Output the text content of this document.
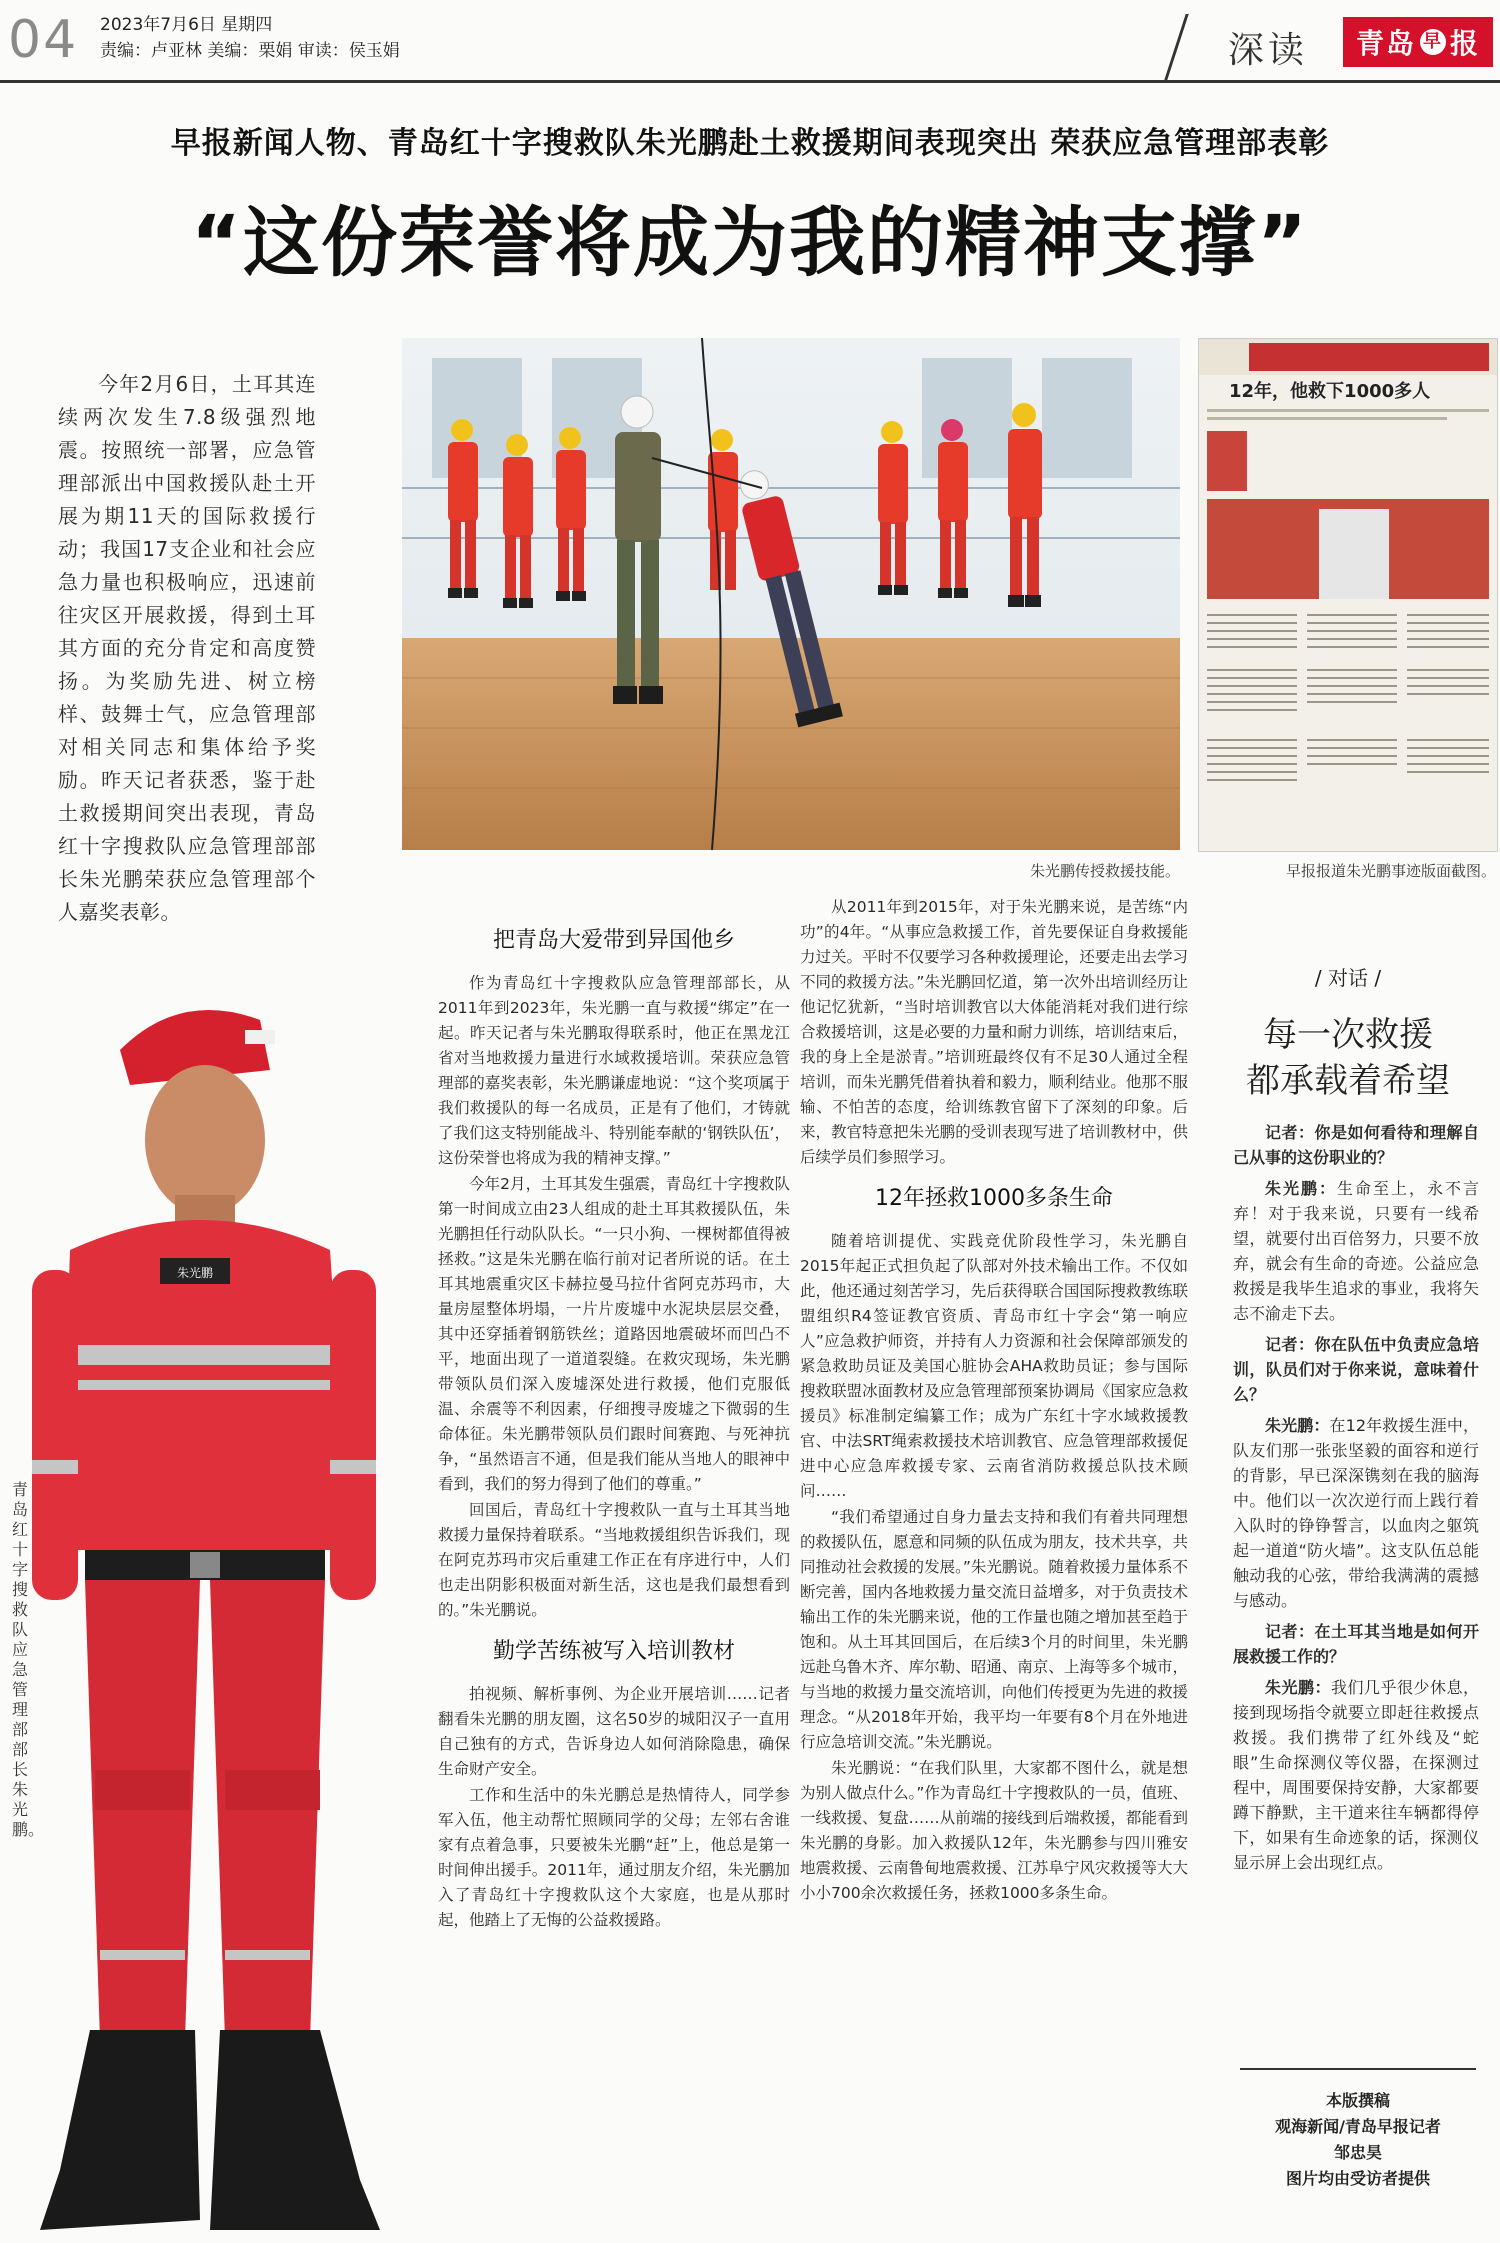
04 2023年7月6日 星期四
责编：卢亚林 美编：栗娟 审读：侯玉娟	深读	青岛 早 报
早报新闻人物、青岛红十字搜救队朱光鹏赴土救援期间表现突出 荣获应急管理部表彰
“这份荣誉将成为我的精神支撑”
今年2月6日，土耳其连续两次发生7.8级强烈地震。按照统一部署，应急管理部派出中国救援队赴土开展为期11天的国际救援行动；我国17支企业和社会应急力量也积极响应，迅速前往灾区开展救援，得到土耳其方面的充分肯定和高度赞扬。为奖励先进、树立榜样、鼓舞士气，应急管理部对相关同志和集体给予奖励。昨天记者获悉，鉴于赴土救援期间突出表现，青岛红十字搜救队应急管理部部长朱光鹏荣获应急管理部个人嘉奖表彰。
12年，他救下1000多人
朱光鹏传授救援技能。	早报报道朱光鹏事迹版面截图。
朱光鹏
青岛红十字搜救队应急管理部部长朱光鹏。
把青岛大爱带到异国他乡

作为青岛红十字搜救队应急管理部部长，从2011年到2023年，朱光鹏一直与救援“绑定”在一起。昨天记者与朱光鹏取得联系时，他正在黑龙江省对当地救援力量进行水域救援培训。荣获应急管理部的嘉奖表彰，朱光鹏谦虚地说：“这个奖项属于我们救援队的每一名成员，正是有了他们，才铸就了我们这支特别能战斗、特别能奉献的‘钢铁队伍’，这份荣誉也将成为我的精神支撑。”

今年2月，土耳其发生强震，青岛红十字搜救队第一时间成立由23人组成的赴土耳其救援队伍，朱光鹏担任行动队队长。“一只小狗、一棵树都值得被拯救。”这是朱光鹏在临行前对记者所说的话。在土耳其地震重灾区卡赫拉曼马拉什省阿克苏玛市，大量房屋整体坍塌，一片片废墟中水泥块层层交叠，其中还穿插着钢筋铁丝；道路因地震破坏而凹凸不平，地面出现了一道道裂缝。在救灾现场，朱光鹏带领队员们深入废墟深处进行救援，他们克服低温、余震等不利因素，仔细搜寻废墟之下微弱的生命体征。朱光鹏带领队员们跟时间赛跑、与死神抗争，“虽然语言不通，但是我们能从当地人的眼神中看到，我们的努力得到了他们的尊重。”

回国后，青岛红十字搜救队一直与土耳其当地救援力量保持着联系。“当地救援组织告诉我们，现在阿克苏玛市灾后重建工作正在有序进行中，人们也走出阴影积极面对新生活，这也是我们最想看到的。”朱光鹏说。

勤学苦练被写入培训教材

拍视频、解析事例、为企业开展培训……记者翻看朱光鹏的朋友圈，这名50岁的城阳汉子一直用自己独有的方式，告诉身边人如何消除隐患，确保生命财产安全。

工作和生活中的朱光鹏总是热情待人，同学参军入伍，他主动帮忙照顾同学的父母；左邻右舍谁家有点着急事，只要被朱光鹏“赶”上，他总是第一时间伸出援手。2011年，通过朋友介绍，朱光鹏加入了青岛红十字搜救队这个大家庭，也是从那时起，他踏上了无悔的公益救援路。

从2011年到2015年，对于朱光鹏来说，是苦练“内功”的4年。“从事应急救援工作，首先要保证自身救援能力过关。平时不仅要学习各种救援理论，还要走出去学习不同的救援方法。”朱光鹏回忆道，第一次外出培训经历让他记忆犹新，“当时培训教官以大体能消耗对我们进行综合救援培训，这是必要的力量和耐力训练，培训结束后，我的身上全是淤青。”培训班最终仅有不足30人通过全程培训，而朱光鹏凭借着执着和毅力，顺利结业。他那不服输、不怕苦的态度，给训练教官留下了深刻的印象。后来，教官特意把朱光鹏的受训表现写进了培训教材中，供后续学员们参照学习。

12年拯救1000多条生命

随着培训提优、实践竞优阶段性学习，朱光鹏自2015年起正式担负起了队部对外技术输出工作。不仅如此，他还通过刻苦学习，先后获得联合国国际搜救教练联盟组织R4签证教官资质、青岛市红十字会“第一响应人”应急救护师资，并持有人力资源和社会保障部颁发的紧急救助员证及美国心脏协会AHA救助员证；参与国际搜救联盟冰面教材及应急管理部预案协调局《国家应急救援员》标准制定编纂工作；成为广东红十字水域救援教官、中法SRT绳索救援技术培训教官、应急管理部救援促进中心应急库救援专家、云南省消防救援总队技术顾问……

“我们希望通过自身力量去支持和我们有着共同理想的救援队伍，愿意和同频的队伍成为朋友，技术共享，共同推动社会救援的发展。”朱光鹏说。随着救援力量体系不断完善，国内各地救援力量交流日益增多，对于负责技术输出工作的朱光鹏来说，他的工作量也随之增加甚至趋于饱和。从土耳其回国后，在后续3个月的时间里，朱光鹏远赴乌鲁木齐、库尔勒、昭通、南京、上海等多个城市，与当地的救援力量交流培训，向他们传授更为先进的救援理念。“从2018年开始，我平均一年要有8个月在外地进行应急培训交流。”朱光鹏说。

朱光鹏说：“在我们队里，大家都不图什么，就是想为别人做点什么。”作为青岛红十字搜救队的一员，值班、一线救援、复盘……从前端的接线到后端救援，都能看到朱光鹏的身影。加入救援队12年，朱光鹏参与四川雅安地震救援、云南鲁甸地震救援、江苏阜宁风灾救援等大大小小700余次救援任务，拯救1000多条生命。

/ 对话 /
每一次救援
都承载着希望

记者：你是如何看待和理解自己从事的这份职业的？

朱光鹏：生命至上，永不言弃！对于我来说，只要有一线希望，就要付出百倍努力，只要不放弃，就会有生命的奇迹。公益应急救援是我毕生追求的事业，我将矢志不渝走下去。

记者：你在队伍中负责应急培训，队员们对于你来说，意味着什么？

朱光鹏：在12年救援生涯中，队友们那一张张坚毅的面容和逆行的背影，早已深深镌刻在我的脑海中。他们以一次次逆行而上践行着入队时的铮铮誓言，以血肉之躯筑起一道道“防火墙”。这支队伍总能触动我的心弦，带给我满满的震撼与感动。

记者：在土耳其当地是如何开展救援工作的？

朱光鹏：我们几乎很少休息，接到现场指令就要立即赶往救援点救援。我们携带了红外线及“蛇眼”生命探测仪等仪器，在探测过程中，周围要保持安静，大家都要蹲下静默，主干道来往车辆都得停下，如果有生命迹象的话，探测仪显示屏上会出现红点。

本版撰稿
观海新闻/青岛早报记者
邹忠昊
图片均由受访者提供
